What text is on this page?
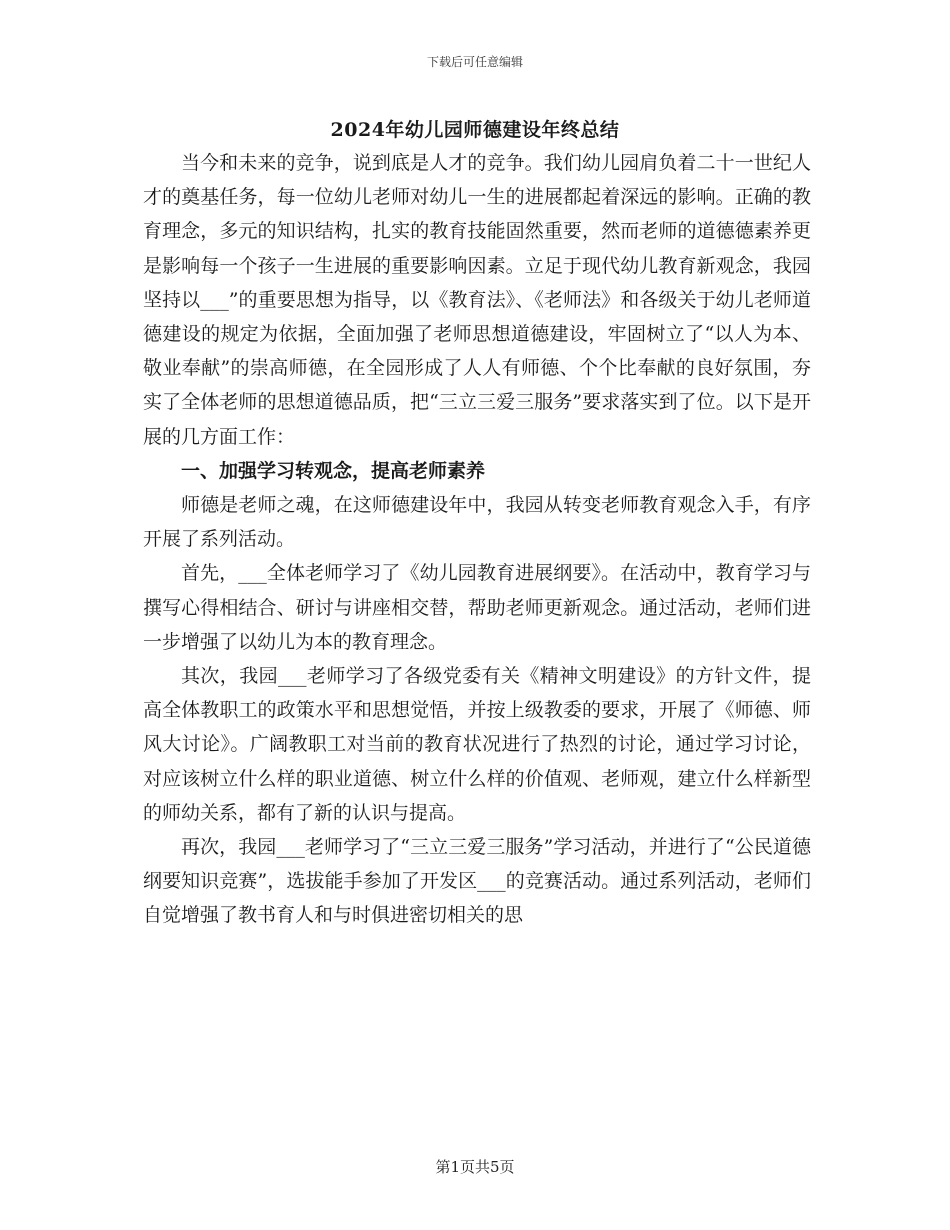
下载后可任意编辑
2024年幼儿园师德建设年终总结

当今和未来的竞争，说到底是人才的竞争。我们幼儿园肩负着二十一世纪人才的奠基任务，每一位幼儿老师对幼儿一生的进展都起着深远的影响。正确的教育理念，多元的知识结构，扎实的教育技能固然重要，然而老师的道德德素养更是影响每一个孩子一生进展的重要影响因素。立足于现代幼儿教育新观念，我园坚持以___”的重要思想为指导，以《教育法》、《老师法》和各级关于幼儿老师道德建设的规定为依据，全面加强了老师思想道德建设，牢固树立了“以人为本、敬业奉献”的崇高师德，在全园形成了人人有师德、个个比奉献的良好氛围，夯实了全体老师的思想道德品质，把“三立三爱三服务”要求落实到了位。以下是开展的几方面工作：

一、加强学习转观念，提高老师素养

师德是老师之魂，在这师德建设年中，我园从转变老师教育观念入手，有序开展了系列活动。

首先，___全体老师学习了《幼儿园教育进展纲要》。在活动中，教育学习与撰写心得相结合、研讨与讲座相交替，帮助老师更新观念。通过活动，老师们进一步增强了以幼儿为本的教育理念。

其次，我园___老师学习了各级党委有关《精神文明建设》的方针文件，提高全体教职工的政策水平和思想觉悟，并按上级教委的要求，开展了《师德、师风大讨论》。广阔教职工对当前的教育状况进行了热烈的讨论，通过学习讨论，对应该树立什么样的职业道德、树立什么样的价值观、老师观，建立什么样新型的师幼关系，都有了新的认识与提高。

再次，我园___老师学习了“三立三爱三服务”学习活动，并进行了“公民道德纲要知识竞赛”，选拔能手参加了开发区___的竞赛活动。通过系列活动，老师们自觉增强了教书育人和与时俱进密切相关的思

第1页共5页
